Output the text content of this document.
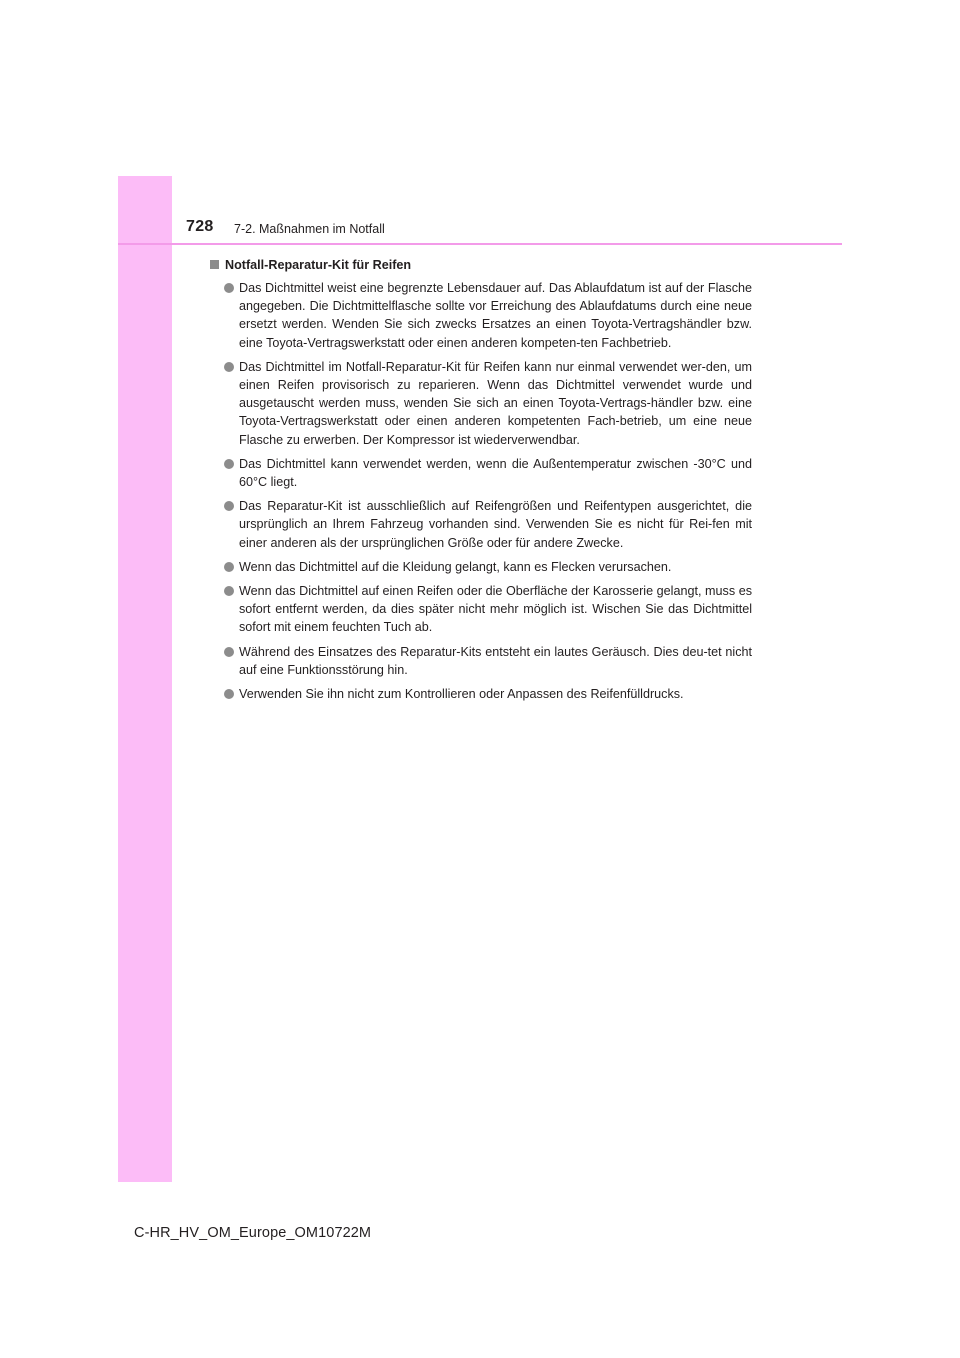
728 7-2. Maßnahmen im Notfall
Notfall-Reparatur-Kit für Reifen
Das Dichtmittel weist eine begrenzte Lebensdauer auf. Das Ablaufdatum ist auf der Flasche angegeben. Die Dichtmittelflasche sollte vor Erreichung des Ablaufdatums durch eine neue ersetzt werden. Wenden Sie sich zwecks Ersatzes an einen Toyota-Vertragshändler bzw. eine Toyota-Vertragswerkstatt oder einen anderen kompeten-ten Fachbetrieb.
Das Dichtmittel im Notfall-Reparatur-Kit für Reifen kann nur einmal verwendet wer-den, um einen Reifen provisorisch zu reparieren. Wenn das Dichtmittel verwendet wurde und ausgetauscht werden muss, wenden Sie sich an einen Toyota-Vertrags-händler bzw. eine Toyota-Vertragswerkstatt oder einen anderen kompetenten Fach-betrieb, um eine neue Flasche zu erwerben. Der Kompressor ist wiederverwendbar.
Das Dichtmittel kann verwendet werden, wenn die Außentemperatur zwischen -30°C und 60°C liegt.
Das Reparatur-Kit ist ausschließlich auf Reifengrößen und Reifentypen ausgerichtet, die ursprünglich an Ihrem Fahrzeug vorhanden sind. Verwenden Sie es nicht für Rei-fen mit einer anderen als der ursprünglichen Größe oder für andere Zwecke.
Wenn das Dichtmittel auf die Kleidung gelangt, kann es Flecken verursachen.
Wenn das Dichtmittel auf einen Reifen oder die Oberfläche der Karosserie gelangt, muss es sofort entfernt werden, da dies später nicht mehr möglich ist. Wischen Sie das Dichtmittel sofort mit einem feuchten Tuch ab.
Während des Einsatzes des Reparatur-Kits entsteht ein lautes Geräusch. Dies deu-tet nicht auf eine Funktionsstörung hin.
Verwenden Sie ihn nicht zum Kontrollieren oder Anpassen des Reifenfülldrucks.
C-HR_HV_OM_Europe_OM10722M
